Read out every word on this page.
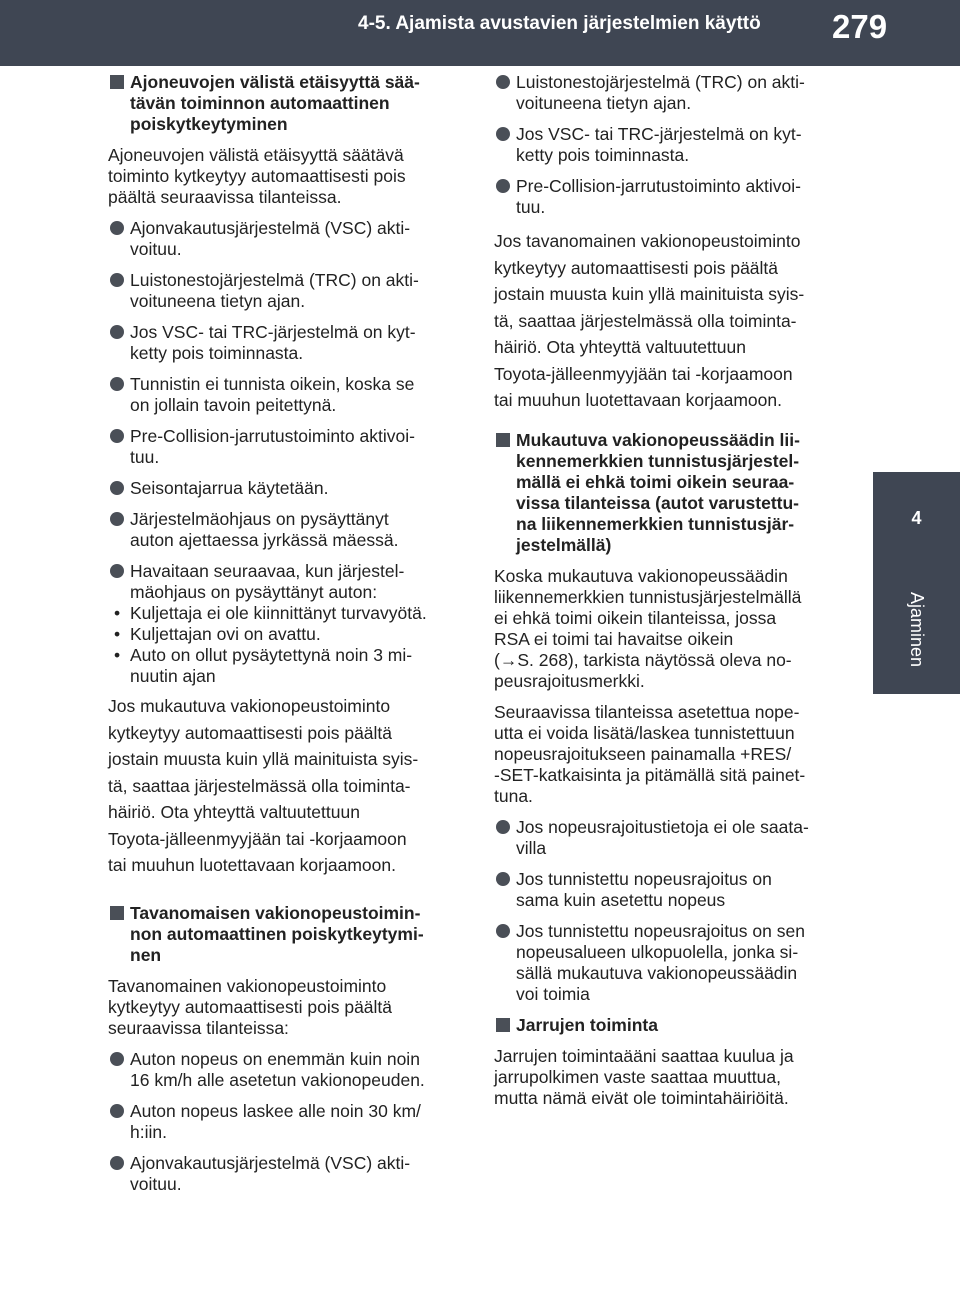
4-5. Ajamista avustavien järjestelmien käyttö 279
4
Ajaminen
Ajoneuvojen välistä etäisyyttä sää-
tävän toiminnon automaattinen
poiskytkeytyminen
Ajoneuvojen välistä etäisyyttä säätävä
toiminto kytkeytyy automaattisesti pois
päältä seuraavissa tilanteissa.
Ajonvakautusjärjestelmä (VSC) akti-
voituu.
Luistonestojärjestelmä (TRC) on akti-
voituneena tietyn ajan.
Jos VSC- tai TRC-järjestelmä on kyt-
ketty pois toiminnasta.
Tunnistin ei tunnista oikein, koska se
on jollain tavoin peitettynä.
Pre-Collision-jarrutustoiminto aktivoi-
tuu.
Seisontajarrua käytetään.
Järjestelmäohjaus on pysäyttänyt
auton ajettaessa jyrkässä mäessä.
Havaitaan seuraavaa, kun järjestel-
mäohjaus on pysäyttänyt auton:
• Kuljettaja ei ole kiinnittänyt turvavyötä.
• Kuljettajan ovi on avattu.
• Auto on ollut pysäytettynä noin 3 mi-
nuutin ajan
Jos mukautuva vakionopeustoiminto
kytkeytyy automaattisesti pois päältä
jostain muusta kuin yllä mainituista syis-
tä, saattaa järjestelmässä olla toiminta-
häiriö. Ota yhteyttä valtuutettuun
Toyota-jälleenmyyjään tai -korjaamoon
tai muuhun luotettavaan korjaamoon.
Tavanomaisen vakionopeustoimin-
non automaattinen poiskytkeytymi-
nen
Tavanomainen vakionopeustoiminto
kytkeytyy automaattisesti pois päältä
seuraavissa tilanteissa:
Auton nopeus on enemmän kuin noin
16 km/h alle asetetun vakionopeuden.
Auton nopeus laskee alle noin 30 km/
h:iin.
Ajonvakautusjärjestelmä (VSC) akti-
voituu.
Luistonestojärjestelmä (TRC) on akti-
voituneena tietyn ajan.
Jos VSC- tai TRC-järjestelmä on kyt-
ketty pois toiminnasta.
Pre-Collision-jarrutustoiminto aktivoi-
tuu.
Jos tavanomainen vakionopeustoiminto
kytkeytyy automaattisesti pois päältä
jostain muusta kuin yllä mainituista syis-
tä, saattaa järjestelmässä olla toiminta-
häiriö. Ota yhteyttä valtuutettuun
Toyota-jälleenmyyjään tai -korjaamoon
tai muuhun luotettavaan korjaamoon.
Mukautuva vakionopeussäädin lii-
kennemerkkien tunnistusjärjestel-
mällä ei ehkä toimi oikein seuraa-
vissa tilanteissa (autot varustettu-
na liikennemerkkien tunnistusjär-
jestelmällä)
Koska mukautuva vakionopeussäädin
liikennemerkkien tunnistusjärjestelmällä
ei ehkä toimi oikein tilanteissa, jossa
RSA ei toimi tai havaitse oikein
(→S. 268), tarkista näytössä oleva no-
peusrajoitusmerkki.
Seuraavissa tilanteissa asetettua nope-
utta ei voida lisätä/laskea tunnistettuun
nopeusrajoitukseen painamalla +RES/
-SET-katkaisinta ja pitämällä sitä painet-
tuna.
Jos nopeusrajoitustietoja ei ole saata-
villa
Jos tunnistettu nopeusrajoitus on
sama kuin asetettu nopeus
Jos tunnistettu nopeusrajoitus on sen
nopeusalueen ulkopuolella, jonka si-
sällä mukautuva vakionopeussäädin
voi toimia
Jarrujen toiminta
Jarrujen toimintaääni saattaa kuulua ja
jarrupolkimen vaste saattaa muuttua,
mutta nämä eivät ole toimintahäiriöitä.
